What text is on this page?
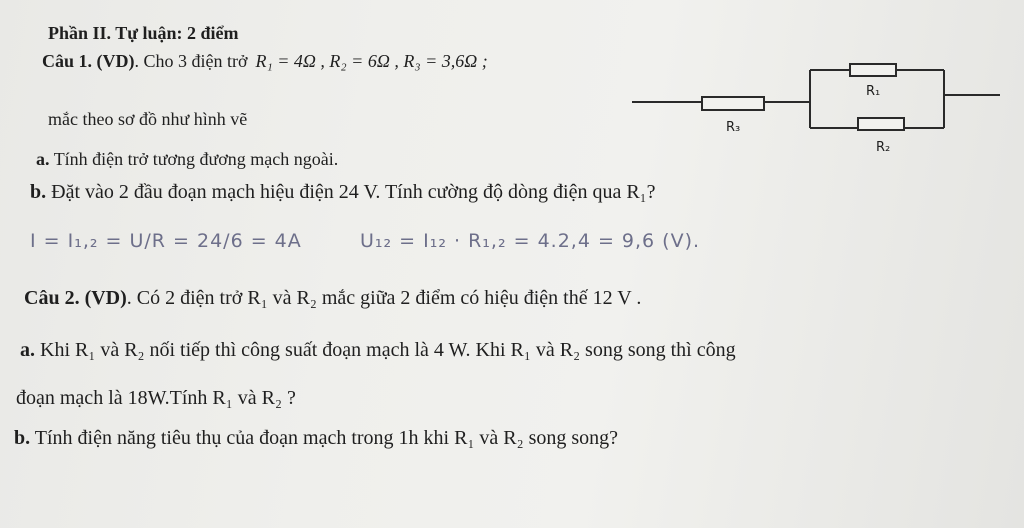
R₁
R₃
R₂
Phần II. Tự luận: 2 điểm
Câu 1. (VD). Cho 3 điện trở R₁ = 4Ω , R₂ = 6Ω , R₃ = 3,6Ω ;
mắc theo sơ đồ như hình vẽ
a. Tính điện trở tương đương mạch ngoài.
b. Đặt vào 2 đầu đoạn mạch hiệu điện 24 V. Tính cường độ dòng điện qua R₁?
I = I₁,₂ = U/R = 24/6 = 4A	U₁₂ = I₁₂ · R₁,₂ = 4.2,4 = 9,6 (V).
Câu 2. (VD). Có 2 điện trở R₁ và R₂ mắc giữa 2 điểm có hiệu điện thế 12 V .
a. Khi R₁ và R₂ nối tiếp thì công suất đoạn mạch là 4 W. Khi R₁ và R₂ song song thì công
đoạn mạch là 18W.Tính R₁ và R₂ ?
b. Tính điện năng tiêu thụ của đoạn mạch trong 1h khi R₁ và R₂ song song?
